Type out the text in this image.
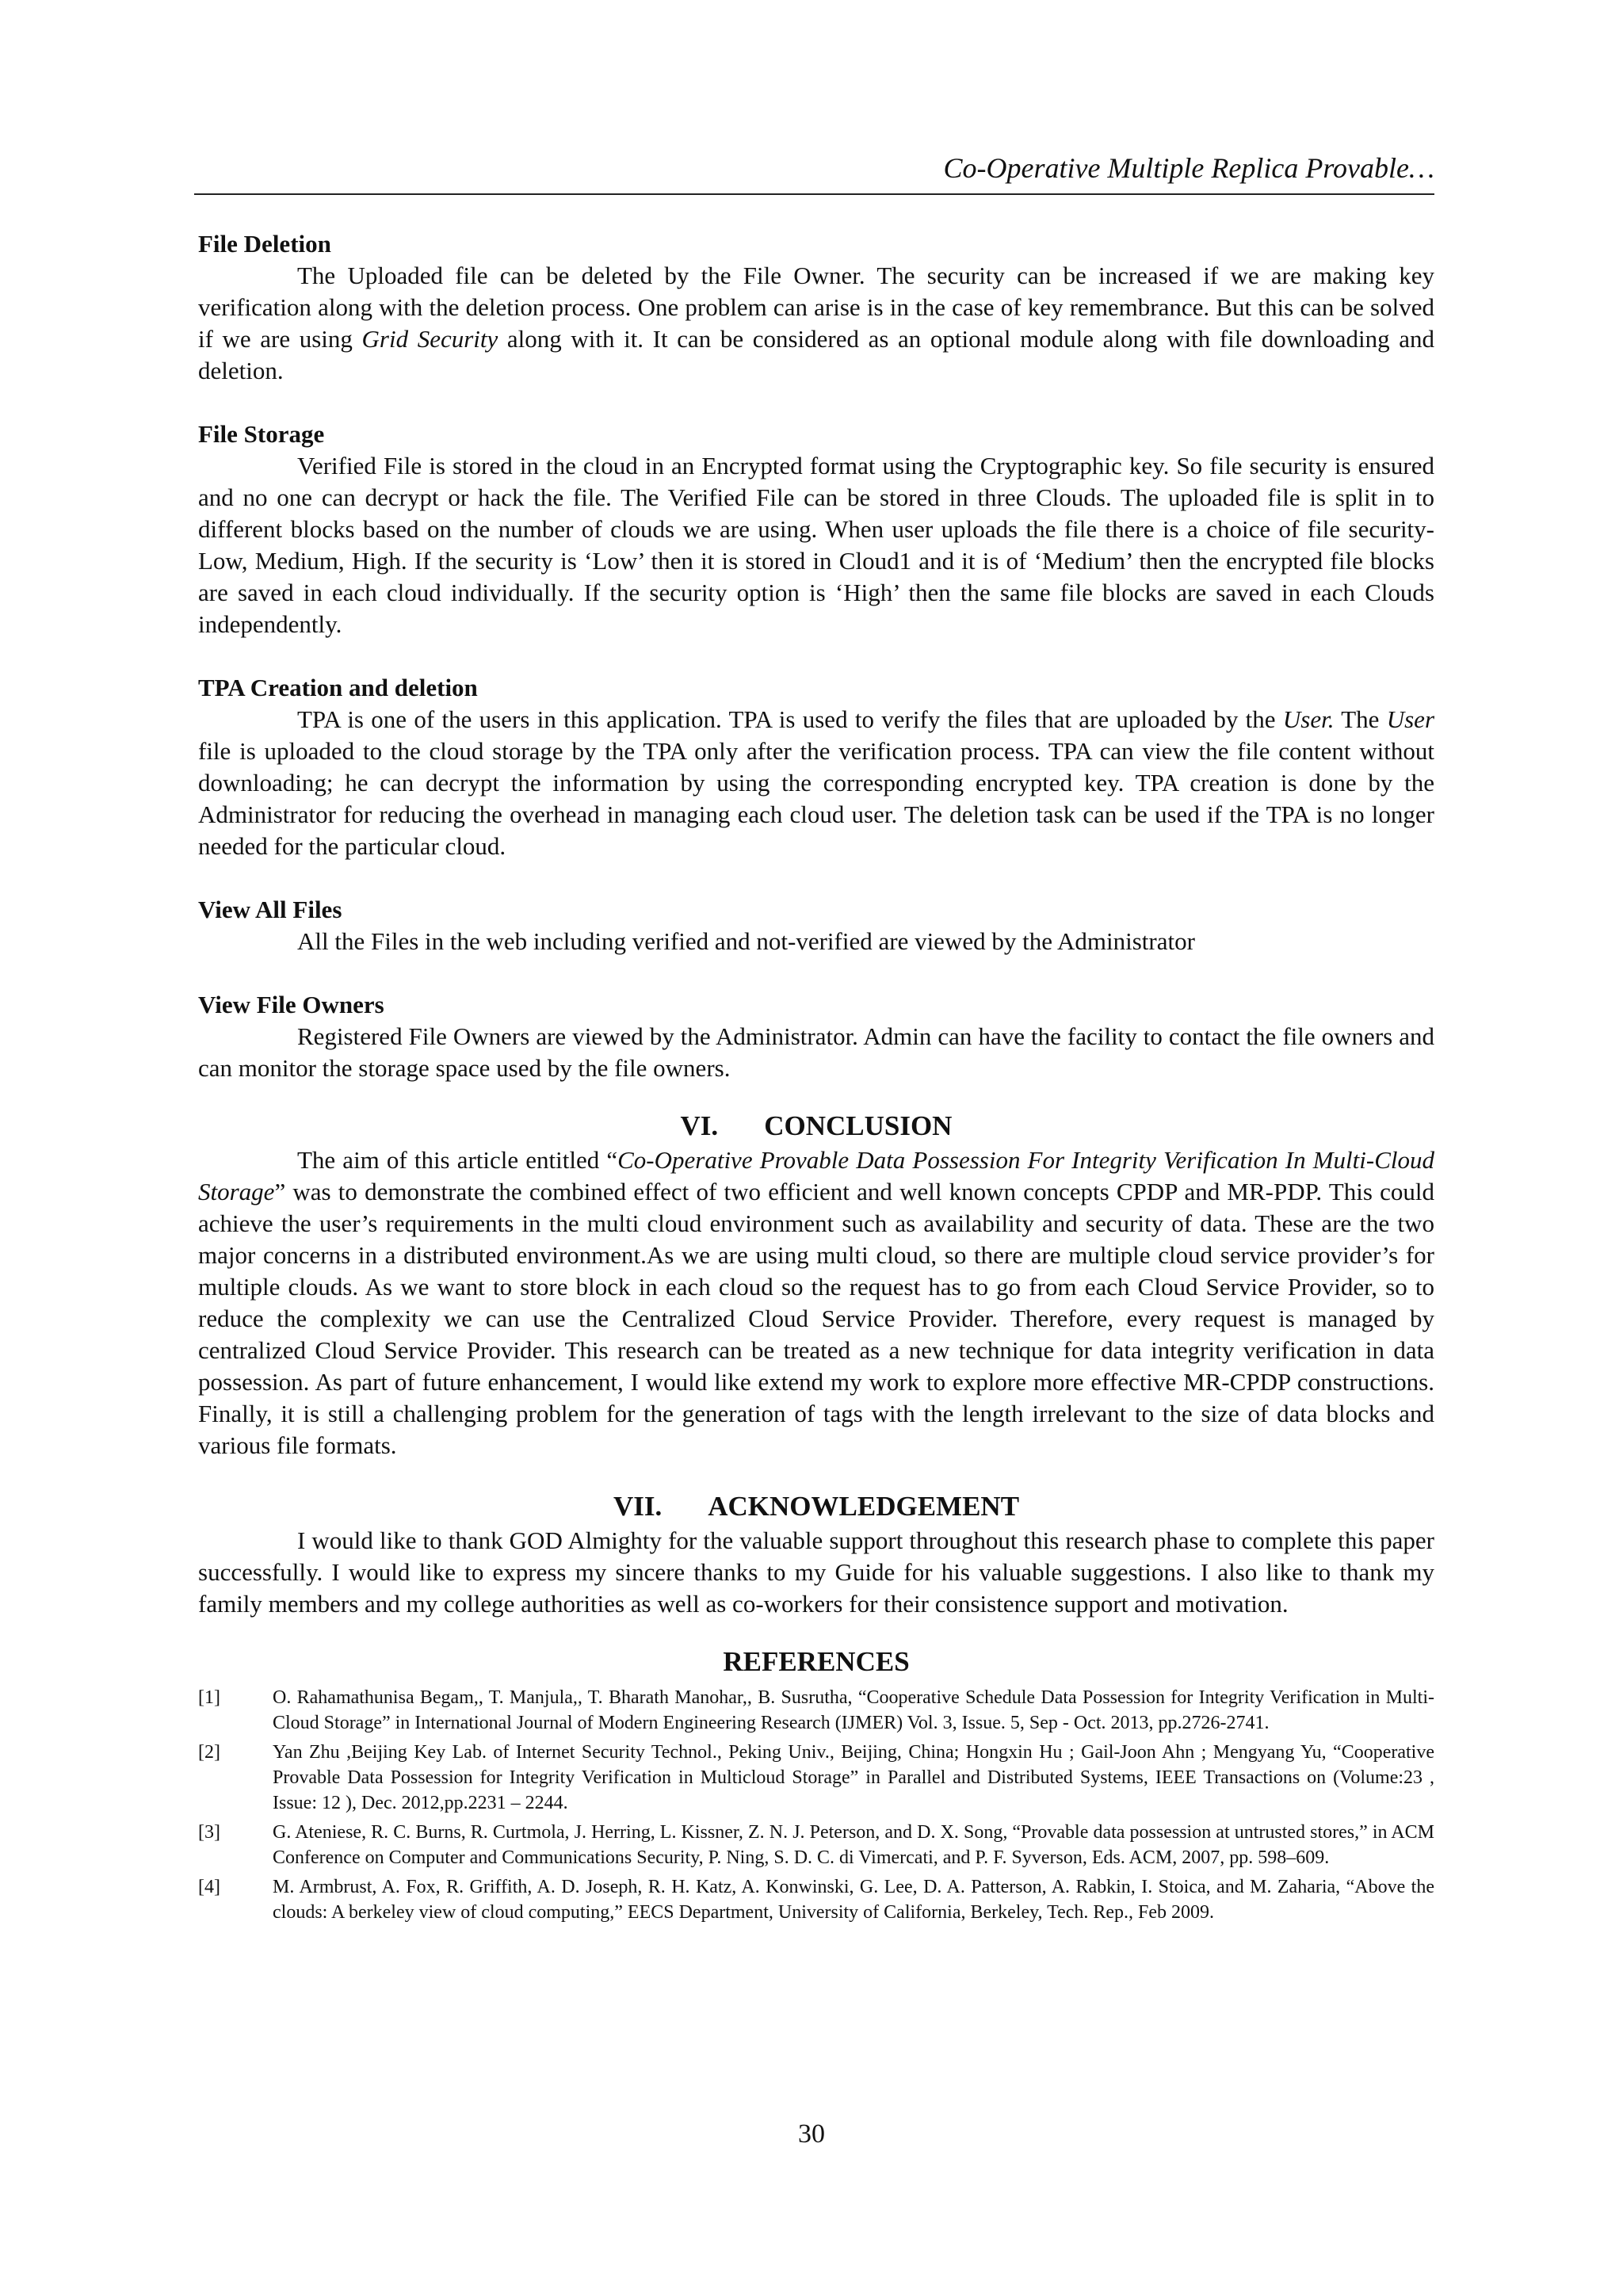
Co-Operative Multiple Replica Provable…

File Deletion

The Uploaded file can be deleted by the File Owner. The security can be increased if we are making key verification along with the deletion process. One problem can arise is in the case of key remembrance. But this can be solved if we are using Grid Security along with it. It can be considered as an optional module along with file downloading and deletion.

File Storage

Verified File is stored in the cloud in an Encrypted format using the Cryptographic key. So file security is ensured and no one can decrypt or hack the file. The Verified File can be stored in three Clouds. The uploaded file is split in to different blocks based on the number of clouds we are using. When user uploads the file there is a choice of file security-Low, Medium, High. If the security is ‘Low’ then it is stored in Cloud1 and it is of ‘Medium’ then the encrypted file blocks are saved in each cloud individually. If the security option is ‘High’ then the same file blocks are saved in each Clouds independently.

TPA Creation and deletion

TPA is one of the users in this application. TPA is used to verify the files that are uploaded by the User. The User file is uploaded to the cloud storage by the TPA only after the verification process. TPA can view the file content without downloading; he can decrypt the information by using the corresponding encrypted key. TPA creation is done by the Administrator for reducing the overhead in managing each cloud user. The deletion task can be used if the TPA is no longer needed for the particular cloud.

View All Files

All the Files in the web including verified and not-verified are viewed by the Administrator

View File Owners

Registered File Owners are viewed by the Administrator. Admin can have the facility to contact the file owners and can monitor the storage space used by the file owners.

VI. CONCLUSION

The aim of this article entitled “Co-Operative Provable Data Possession For Integrity Verification In Multi-Cloud Storage” was to demonstrate the combined effect of two efficient and well known concepts CPDP and MR-PDP. This could achieve the user’s requirements in the multi cloud environment such as availability and security of data. These are the two major concerns in a distributed environment.As we are using multi cloud, so there are multiple cloud service provider’s for multiple clouds. As we want to store block in each cloud so the request has to go from each Cloud Service Provider, so to reduce the complexity we can use the Centralized Cloud Service Provider. Therefore, every request is managed by centralized Cloud Service Provider. This research can be treated as a new technique for data integrity verification in data possession. As part of future enhancement, I would like extend my work to explore more effective MR-CPDP constructions. Finally, it is still a challenging problem for the generation of tags with the length irrelevant to the size of data blocks and various file formats.

VII. ACKNOWLEDGEMENT

I would like to thank GOD Almighty for the valuable support throughout this research phase to complete this paper successfully. I would like to express my sincere thanks to my Guide for his valuable suggestions. I also like to thank my family members and my college authorities as well as co-workers for their consistence support and motivation.

REFERENCES

[1]	O. Rahamathunisa Begam,, T. Manjula,, T. Bharath Manohar,, B. Susrutha, “Cooperative Schedule Data Possession for Integrity Verification in Multi-Cloud Storage” in International Journal of Modern Engineering Research (IJMER) Vol. 3, Issue. 5, Sep - Oct. 2013, pp.2726-2741.
[2]	Yan Zhu ,Beijing Key Lab. of Internet Security Technol., Peking Univ., Beijing, China; Hongxin Hu ; Gail-Joon Ahn ; Mengyang Yu, “Cooperative Provable Data Possession for Integrity Verification in Multicloud Storage” in Parallel and Distributed Systems, IEEE Transactions on (Volume:23 , Issue: 12 ), Dec. 2012,pp.2231 – 2244.
[3]	G. Ateniese, R. C. Burns, R. Curtmola, J. Herring, L. Kissner, Z. N. J. Peterson, and D. X. Song, “Provable data possession at untrusted stores,” in ACM Conference on Computer and Communications Security, P. Ning, S. D. C. di Vimercati, and P. F. Syverson, Eds. ACM, 2007, pp. 598–609.
[4]	M. Armbrust, A. Fox, R. Griffith, A. D. Joseph, R. H. Katz, A. Konwinski, G. Lee, D. A. Patterson, A. Rabkin, I. Stoica, and M. Zaharia, “Above the clouds: A berkeley view of cloud computing,” EECS Department, University of California, Berkeley, Tech. Rep., Feb 2009.
30
